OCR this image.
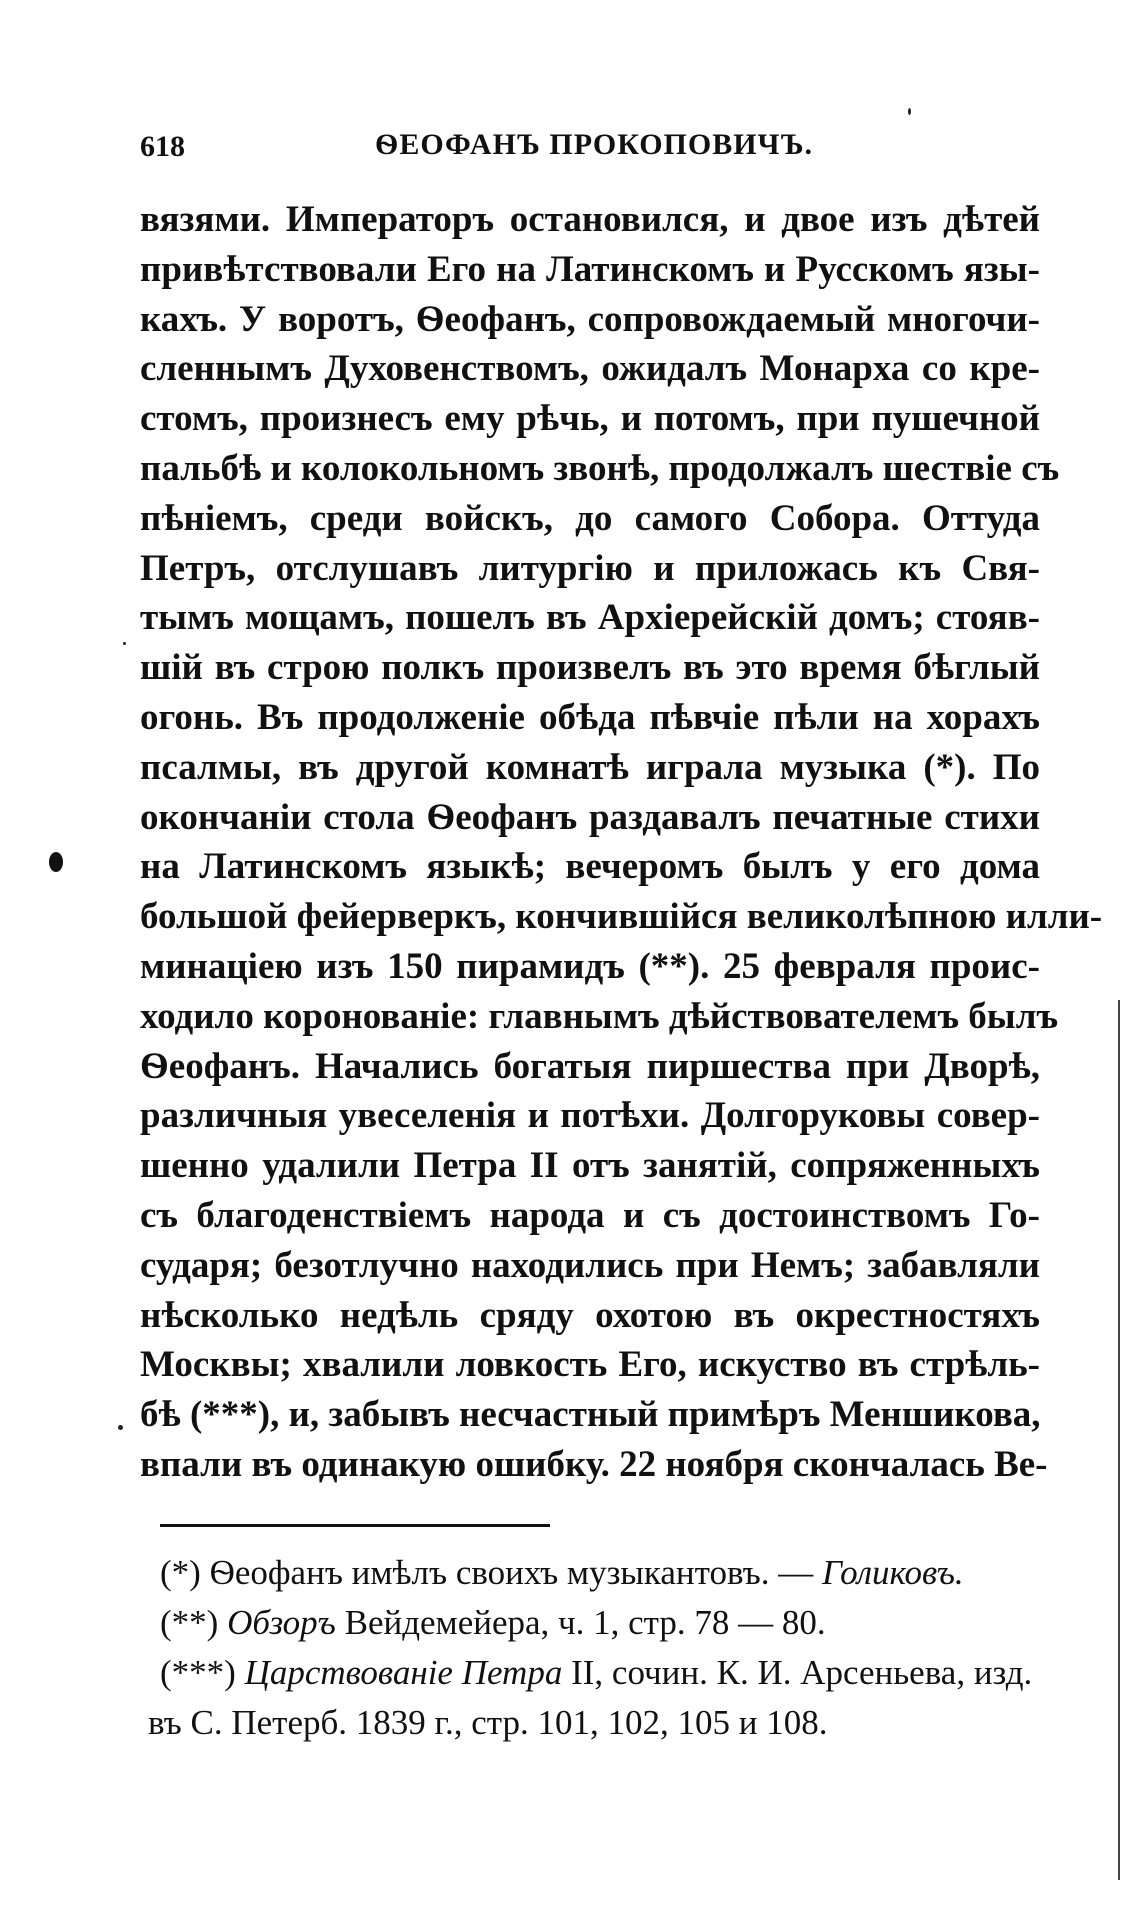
618	ѲЕОФАНЪ ПРОКОПОВИЧЪ.
вязями. Императоръ остановился, и двое изъ дѣтей
привѣтствовали Его на Латинскомъ и Русскомъ язы-
кахъ. У воротъ, Ѳеофанъ, сопровождаемый многочи-
сленнымъ Духовенствомъ, ожидалъ Монарха со кре-
стомъ, произнесъ ему рѣчь, и потомъ, при пушечной
пальбѣ и колокольномъ звонѣ, продолжалъ шествіе съ
пѣніемъ, среди войскъ, до самого Собора. Оттуда
Петръ, отслушавъ литургію и приложась къ Свя-
тымъ мощамъ, пошелъ въ Архіерейскій домъ; стояв-
шій въ строю полкъ произвелъ въ это время бѣглый
огонь. Въ продолженіе обѣда пѣвчіе пѣли на хорахъ
псалмы, въ другой комнатѣ играла музыка (*). По
окончаніи стола Ѳеофанъ раздавалъ печатные стихи
на Латинскомъ языкѣ; вечеромъ былъ у его дома
большой фейерверкъ, кончившійся великолѣпною илли-
минаціею изъ 150 пирамидъ (**). 25 февраля проис-
ходило коронованіе: главнымъ дѣйствователемъ былъ
Ѳеофанъ. Начались богатыя пиршества при Дворѣ,
различныя увеселенія и потѣхи. Долгоруковы совер-
шенно удалили Петра II отъ занятій, сопряженныхъ
съ благоденствіемъ народа и съ достоинствомъ Го-
сударя; безотлучно находились при Немъ; забавляли
нѣсколько недѣль сряду охотою въ окрестностяхъ
Москвы; хвалили ловкость Его, искуство въ стрѣль-
бѣ (***), и, забывъ несчастный примѣръ Меншикова,
впали въ одинакую ошибку. 22 ноября скончалась Ве-
(*) Ѳеофанъ имѣлъ своихъ музыкантовъ. — Голиковъ.
(**) Обзоръ Вейдемейера, ч. 1, стр. 78 — 80.
(***) Царствованіе Петра II, сочин. К. И. Арсеньева, изд.
въ С. Петерб. 1839 г., стр. 101, 102, 105 и 108.
